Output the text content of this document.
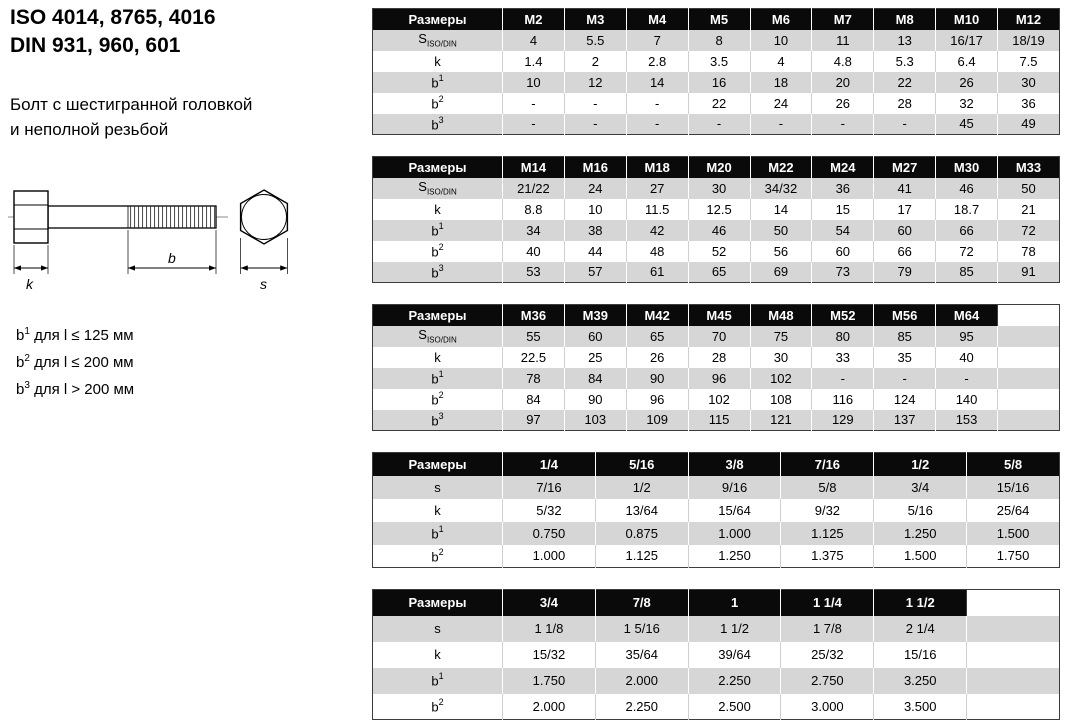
ISO 4014, 8765, 4016
DIN 931, 960, 601
Болт с шестигранной головкой
и неполной резьбой
k
b
s
$b^1$ для l ≤ 125 мм
$b^2$ для l ≤ 200 мм
$b^3$ для l > 200 мм
Размеры	M2	M3	M4	M5	M6	M7	M8	M10	M12
$S_{ISO/DIN}$	4	5.5	7	8	10	11	13	16/17	18/19
k	1.4	2	2.8	3.5	4	4.8	5.3	6.4	7.5
$b^1$	10	12	14	16	18	20	22	26	30
$b^2$	-	-	-	22	24	26	28	32	36
$b^3$	-	-	-	-	-	-	-	45	49
Размеры	M14	M16	M18	M20	M22	M24	M27	M30	M33
$S_{ISO/DIN}$	21/22	24	27	30	34/32	36	41	46	50
k	8.8	10	11.5	12.5	14	15	17	18.7	21
$b^1$	34	38	42	46	50	54	60	66	72
$b^2$	40	44	48	52	56	60	66	72	78
$b^3$	53	57	61	65	69	73	79	85	91
Размеры	M36	M39	M42	M45	M48	M52	M56	M64	
$S_{ISO/DIN}$	55	60	65	70	75	80	85	95	
k	22.5	25	26	28	30	33	35	40	
$b^1$	78	84	90	96	102	-	-	-	
$b^2$	84	90	96	102	108	116	124	140	
$b^3$	97	103	109	115	121	129	137	153	
Размеры	1/4	5/16	3/8	7/16	1/2	5/8
s	7/16	1/2	9/16	5/8	3/4	15/16
k	5/32	13/64	15/64	9/32	5/16	25/64
$b^1$	0.750	0.875	1.000	1.125	1.250	1.500
$b^2$	1.000	1.125	1.250	1.375	1.500	1.750
Размеры	3/4	7/8	1	1 1/4	1 1/2	
s	1 1/8	1 5/16	1 1/2	1 7/8	2 1/4	
k	15/32	35/64	39/64	25/32	15/16	
$b^1$	1.750	2.000	2.250	2.750	3.250	
$b^2$	2.000	2.250	2.500	3.000	3.500	
